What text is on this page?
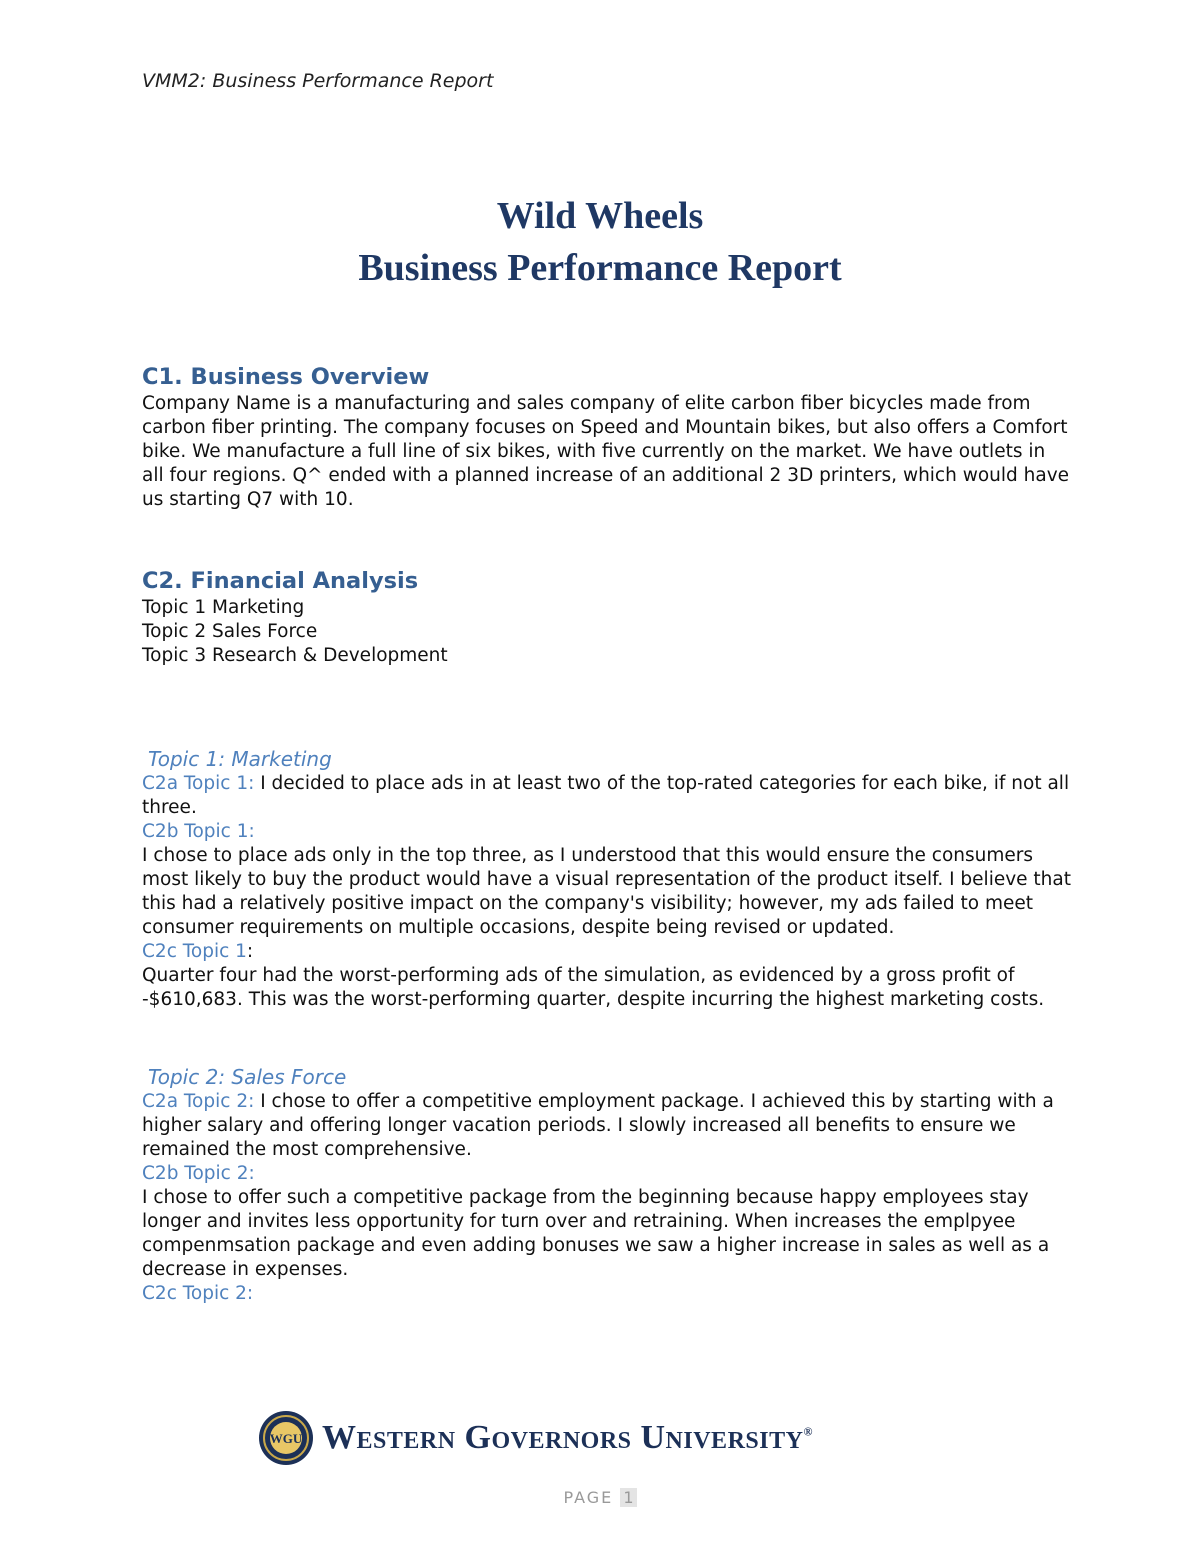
VMM2: Business Performance Report
Wild Wheels
Business Performance Report
C1. Business Overview

Company Name is a manufacturing and sales company of elite carbon fiber bicycles made from carbon fiber printing. The company focuses on Speed and Mountain bikes, but also offers a Comfort bike. We manufacture a full line of six bikes, with five currently on the market. We have outlets in all four regions. Q^ ended with a planned increase of an additional 2 3D printers, which would have us starting Q7 with 10.

C2. Financial Analysis

Topic 1 Marketing

Topic 2 Sales Force

Topic 3 Research & Development

Topic 1: Marketing

C2a Topic 1: I decided to place ads in at least two of the top-rated categories for each bike, if not all three.

C2b Topic 1:

I chose to place ads only in the top three, as I understood that this would ensure the consumers most likely to buy the product would have a visual representation of the product itself. I believe that this had a relatively positive impact on the company's visibility; however, my ads failed to meet consumer requirements on multiple occasions, despite being revised or updated.

C2c Topic 1:

Quarter four had the worst-performing ads of the simulation, as evidenced by a gross profit of -$610,683. This was the worst-performing quarter, despite incurring the highest marketing costs.

Topic 2: Sales Force

C2a Topic 2: I chose to offer a competitive employment package. I achieved this by starting with a higher salary and offering longer vacation periods. I slowly increased all benefits to ensure we remained the most comprehensive.

C2b Topic 2:

I chose to offer such a competitive package from the beginning because happy employees stay longer and invites less opportunity for turn over and retraining. When increases the emplpyee compenmsation package and even adding bonuses we saw a higher increase in sales as well as a decrease in expenses.

C2c Topic 2:

WGU Western Governors University®
PAGE 1
